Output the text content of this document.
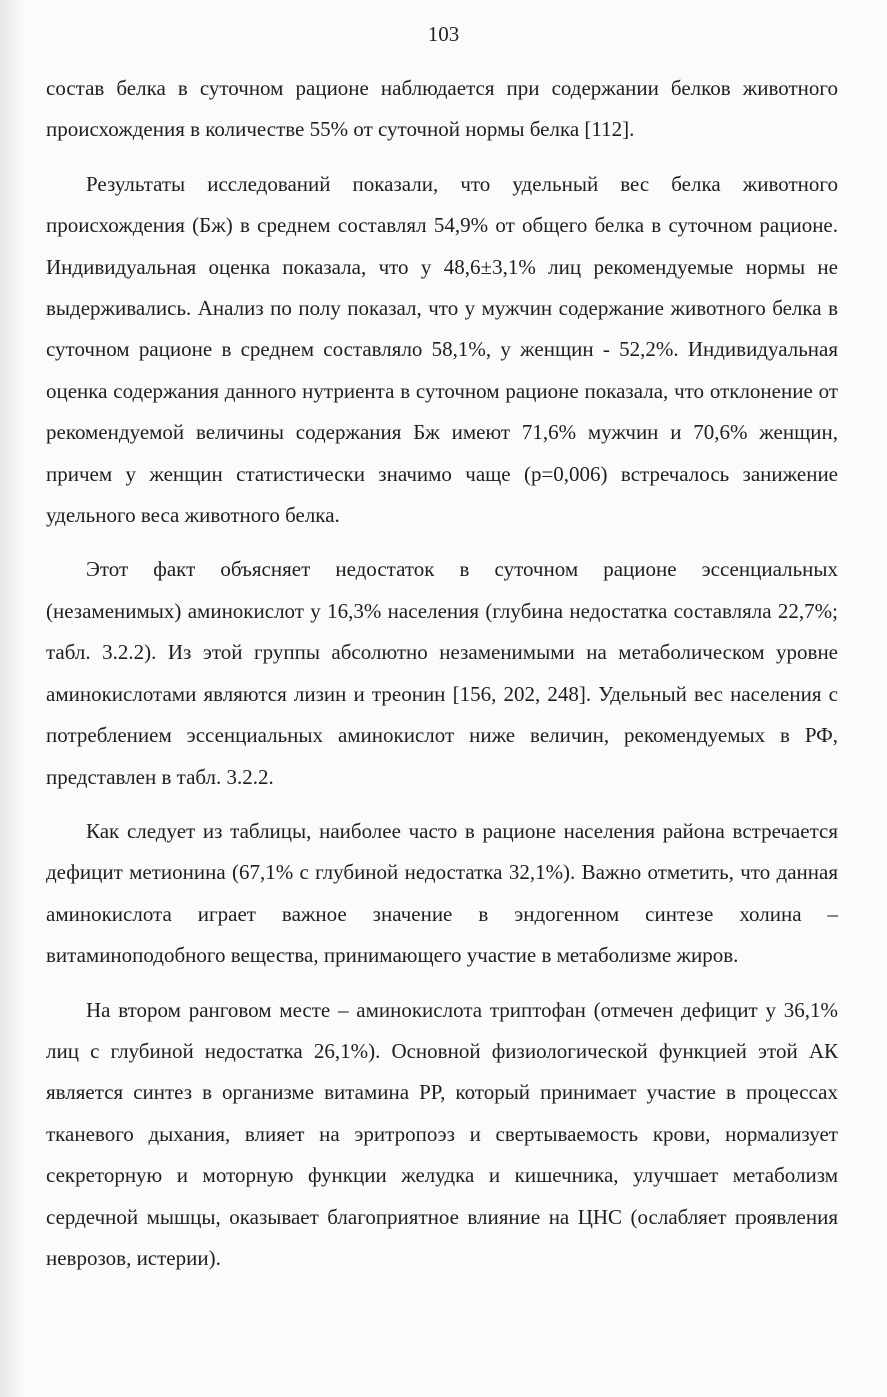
103

состав белка в суточном рационе наблюдается при содержании белков животного происхождения в количестве 55% от суточной нормы белка [112].

Результаты исследований показали, что удельный вес белка животного происхождения (Бж) в среднем составлял 54,9% от общего белка в суточном рационе. Индивидуальная оценка показала, что у 48,6±3,1% лиц рекомендуемые нормы не выдерживались. Анализ по полу показал, что у мужчин содержание животного белка в суточном рационе в среднем составляло 58,1%, у женщин - 52,2%. Индивидуальная оценка содержания данного нутриента в суточном рационе показала, что отклонение от рекомендуемой величины содержания Бж имеют 71,6% мужчин и 70,6% женщин, причем у женщин статистически значимо чаще (р=0,006) встречалось занижение удельного веса животного белка.

Этот факт объясняет недостаток в суточном рационе эссенциальных (незаменимых) аминокислот у 16,3% населения (глубина недостатка составляла 22,7%; табл. 3.2.2). Из этой группы абсолютно незаменимыми на метаболическом уровне аминокислотами являются лизин и треонин [156, 202, 248]. Удельный вес населения с потреблением эссенциальных аминокислот ниже величин, рекомендуемых в РФ, представлен в табл. 3.2.2.

Как следует из таблицы, наиболее часто в рационе населения района встречается дефицит метионина (67,1% с глубиной недостатка 32,1%). Важно отметить, что данная аминокислота играет важное значение в эндогенном синтезе холина – витаминоподобного вещества, принимающего участие в метаболизме жиров.

На втором ранговом месте – аминокислота триптофан (отмечен дефицит у 36,1% лиц с глубиной недостатка 26,1%). Основной физиологической функцией этой АК является синтез в организме витамина PP, который принимает участие в процессах тканевого дыхания, влияет на эритропоэз и свертываемость крови, нормализует секреторную и моторную функции желудка и кишечника, улучшает метаболизм сердечной мышцы, оказывает благоприятное влияние на ЦНС (ослабляет проявления неврозов, истерии).
